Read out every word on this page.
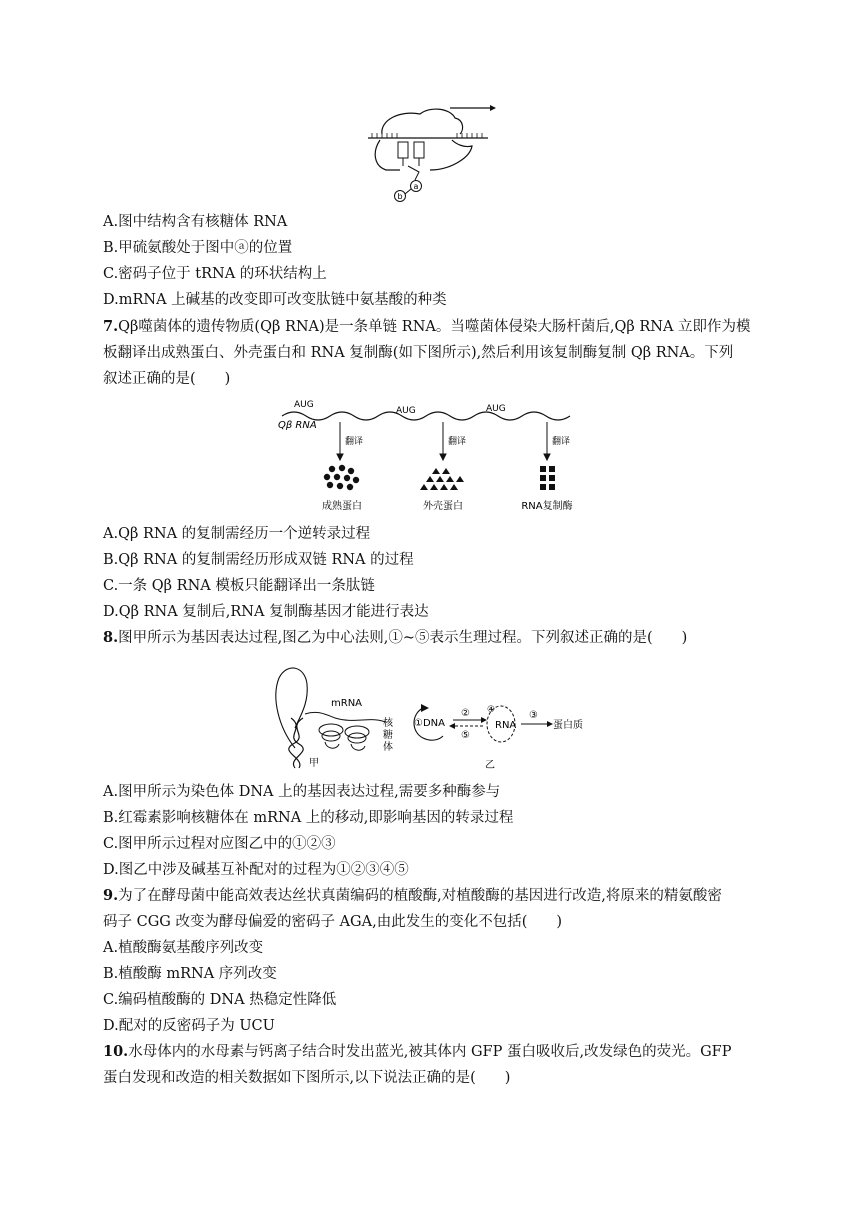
a
b
A.图中结构含有核糖体 RNA
B.甲硫氨酸处于图中ⓐ的位置
C.密码子位于 tRNA 的环状结构上
D.mRNA 上碱基的改变即可改变肽链中氨基酸的种类
7.Qβ噬菌体的遗传物质(Qβ RNA)是一条单链 RNA。当噬菌体侵染大肠杆菌后,Qβ RNA 立即作为模
板翻译出成熟蛋白、外壳蛋白和 RNA 复制酶(如下图所示),然后利用该复制酶复制 Qβ RNA。下列
叙述正确的是(　　)
Qβ RNA
AUG
AUG	AUG
翻译	翻译	翻译
成熟蛋白	外壳蛋白	RNA复制酶
A.Qβ RNA 的复制需经历一个逆转录过程
B.Qβ RNA 的复制需经历形成双链 RNA 的过程
C.一条 Qβ RNA 模板只能翻译出一条肽链
D.Qβ RNA 复制后,RNA 复制酶基因才能进行表达
8.图甲所示为基因表达过程,图乙为中心法则,①~⑤表示生理过程。下列叙述正确的是(　　)
mRNA
核
糖
体
甲
①DNA
②
⑤
④
RNA
③
蛋白质
乙
A.图甲所示为染色体 DNA 上的基因表达过程,需要多种酶参与
B.红霉素影响核糖体在 mRNA 上的移动,即影响基因的转录过程
C.图甲所示过程对应图乙中的①②③
D.图乙中涉及碱基互补配对的过程为①②③④⑤
9.为了在酵母菌中能高效表达丝状真菌编码的植酸酶,对植酸酶的基因进行改造,将原来的精氨酸密
码子 CGG 改变为酵母偏爱的密码子 AGA,由此发生的变化不包括(　　)
A.植酸酶氨基酸序列改变
B.植酸酶 mRNA 序列改变
C.编码植酸酶的 DNA 热稳定性降低
D.配对的反密码子为 UCU
10.水母体内的水母素与钙离子结合时发出蓝光,被其体内 GFP 蛋白吸收后,改发绿色的荧光。GFP
蛋白发现和改造的相关数据如下图所示,以下说法正确的是(　　)
